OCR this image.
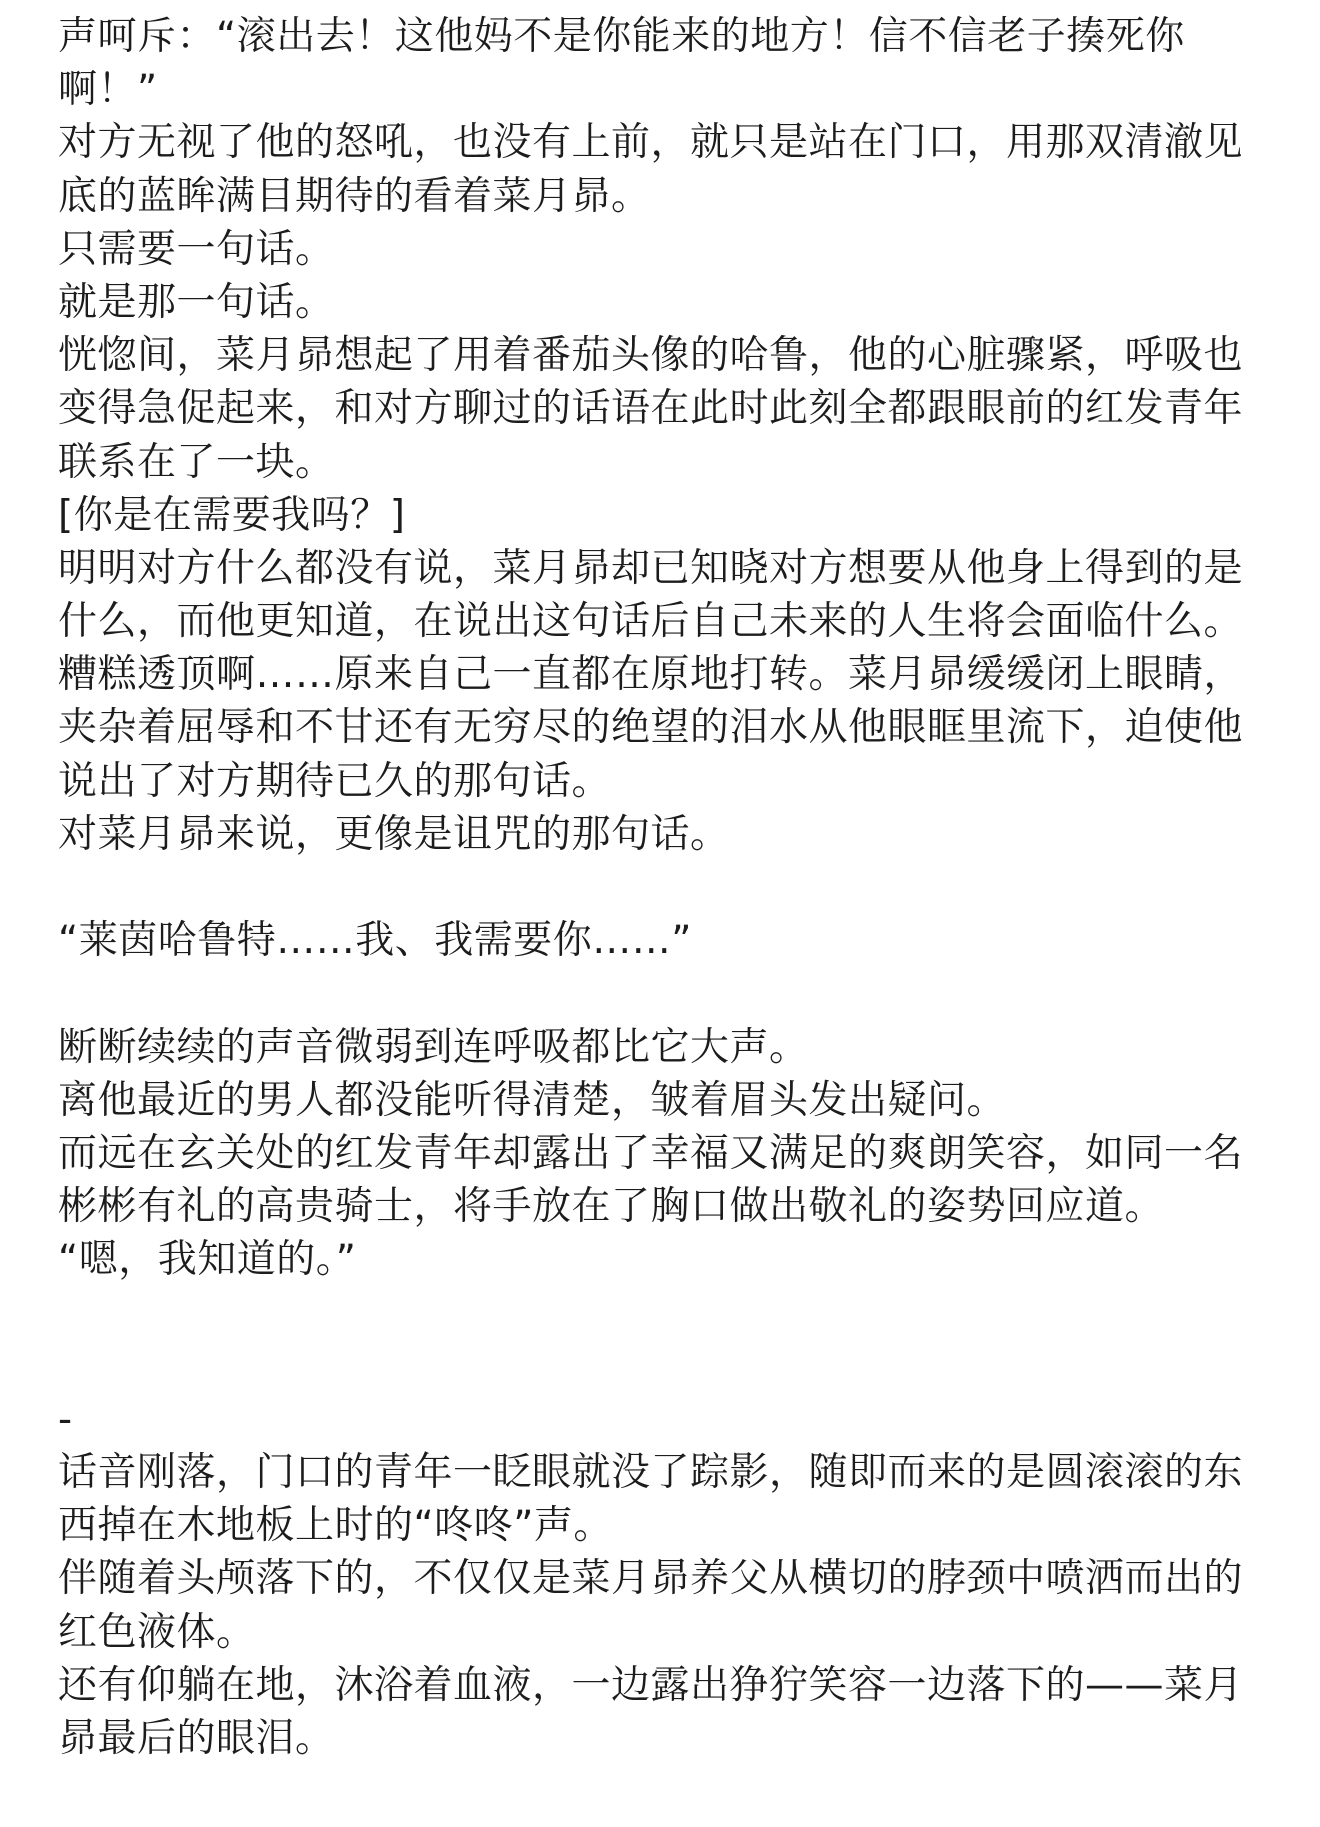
声呵斥：“滚出去！这他妈不是你能来的地方！信不信老子揍死你
啊！”
对方无视了他的怒吼，也没有上前，就只是站在门口，用那双清澈见
底的蓝眸满目期待的看着菜月昴。
只需要一句话。
就是那一句话。
恍惚间，菜月昴想起了用着番茄头像的哈鲁，他的心脏骤紧，呼吸也
变得急促起来，和对方聊过的话语在此时此刻全都跟眼前的红发青年
联系在了一块。
[你是在需要我吗？]
明明对方什么都没有说，菜月昴却已知晓对方想要从他身上得到的是
什么，而他更知道，在说出这句话后自己未来的人生将会面临什么。
糟糕透顶啊……原来自己一直都在原地打转。菜月昴缓缓闭上眼睛，
夹杂着屈辱和不甘还有无穷尽的绝望的泪水从他眼眶里流下，迫使他
说出了对方期待已久的那句话。
对菜月昴来说，更像是诅咒的那句话。
“莱茵哈鲁特……我、我需要你……”
断断续续的声音微弱到连呼吸都比它大声。
离他最近的男人都没能听得清楚，皱着眉头发出疑问。
而远在玄关处的红发青年却露出了幸福又满足的爽朗笑容，如同一名
彬彬有礼的高贵骑士，将手放在了胸口做出敬礼的姿势回应道。
“嗯，我知道的。”
-
话音刚落，门口的青年一眨眼就没了踪影，随即而来的是圆滚滚的东
西掉在木地板上时的“咚咚”声。
伴随着头颅落下的，不仅仅是菜月昴养父从横切的脖颈中喷洒而出的
红色液体。
还有仰躺在地，沐浴着血液，一边露出狰狞笑容一边落下的——菜月
昴最后的眼泪。
